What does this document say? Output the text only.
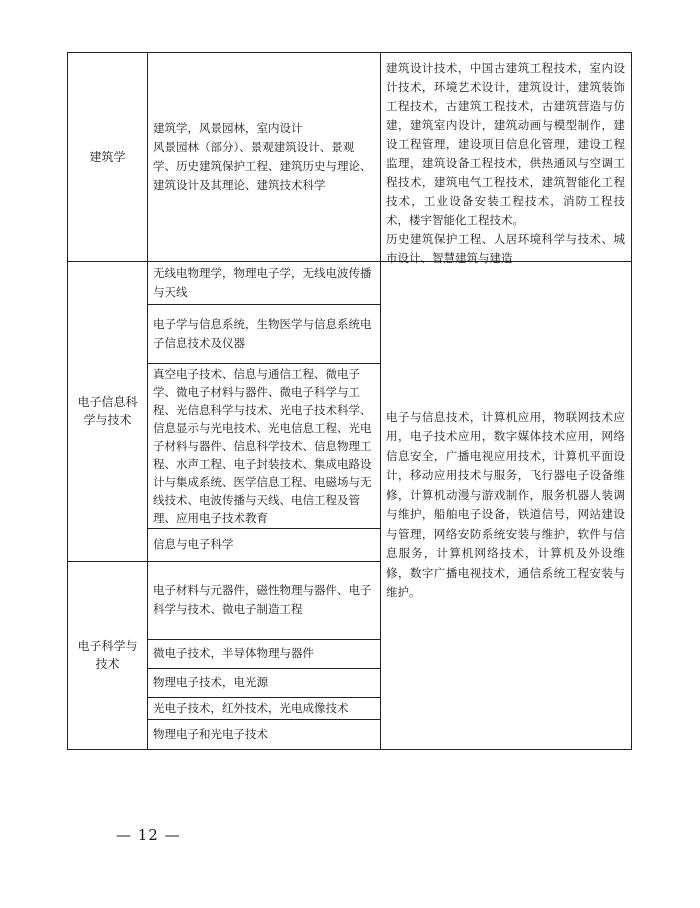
建筑学
建筑学，风景园林，室内设计
风景园林（部分）、景观建筑设计、景观学、历史建筑保护工程、建筑历史与理论、建筑设计及其理论、建筑技术科学

建筑设计技术，中国古建筑工程技术，室内设计技术，环境艺术设计，建筑设计，建筑装饰工程技术，古建筑工程技术，古建筑营造与仿建，建筑室内设计，建筑动画与模型制作，建设工程管理，建设项目信息化管理，建设工程监理，建筑设备工程技术，供热通风与空调工程技术，建筑电气工程技术，建筑智能化工程技术，工业设备安装工程技术，消防工程技术，楼宇智能化工程技术。

历史建筑保护工程、人居环境科学与技术、城市设计、智慧建筑与建造

电子信息科
学与技术
无线电物理学，物理电子学，无线电波传播与天线
电子学与信息系统，生物医学与信息系统电子信息技术及仪器
真空电子技术、信息与通信工程、微电子学、微电子材料与器件、微电子科学与工程、光信息科学与技术、光电子技术科学、信息显示与光电技术、光电信息工程、光电子材料与器件、信息科学技术、信息物理工程、水声工程、电子封装技术、集成电路设计与集成系统、医学信息工程、电磁场与无线技术、电波传播与天线、电信工程及管理、应用电子技术教育
信息与电子科学
电子科学与
技术
电子材料与元器件，磁性物理与器件、电子科学与技术、微电子制造工程
微电子技术，半导体物理与器件
物理电子技术，电光源
光电子技术，红外技术，光电成像技术
物理电子和光电子技术
电子与信息技术，计算机应用，物联网技术应用，电子技术应用，数字媒体技术应用，网络信息安全，广播电视应用技术，计算机平面设计，移动应用技术与服务，飞行器电子设备维修，计算机动漫与游戏制作，服务机器人装调与维护，船舶电子设备，铁道信号，网站建设与管理，网络安防系统安装与维护，软件与信息服务，计算机网络技术，计算机及外设维修，数字广播电视技术，通信系统工程安装与维护。
— 12 —
